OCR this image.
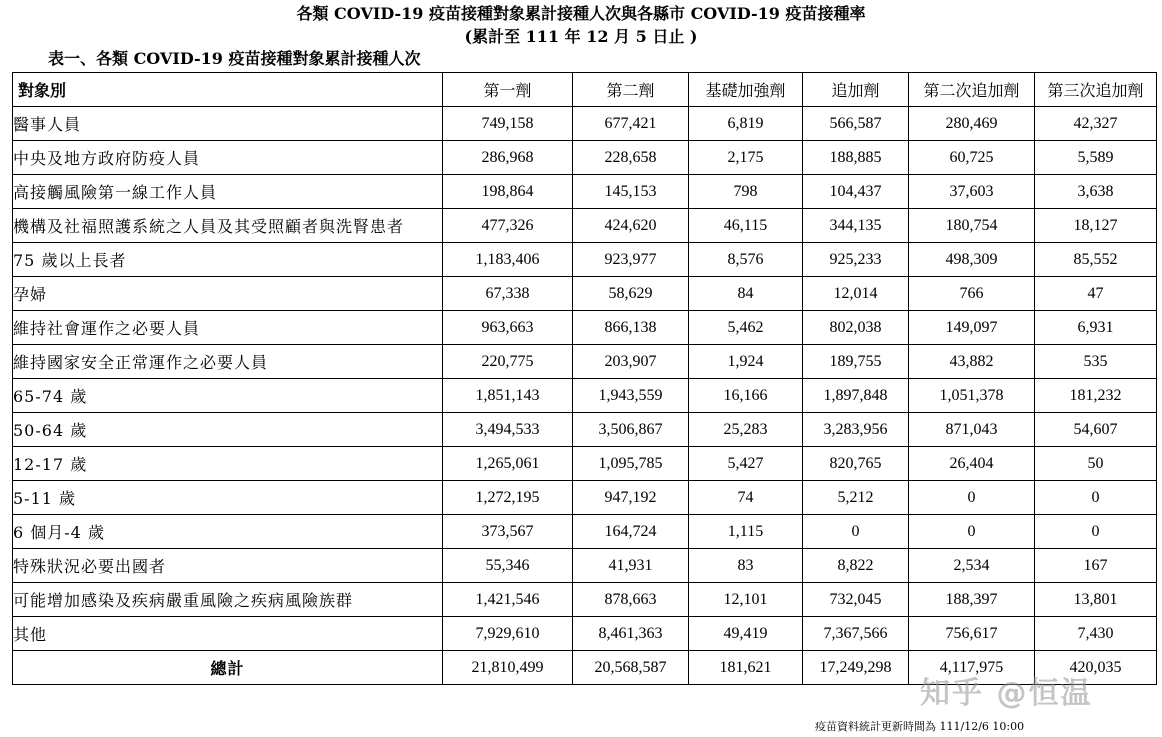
各類 COVID-19 疫苗接種對象累計接種人次與各縣市 COVID-19 疫苗接種率
(累計至 111 年 12 月 5 日止 )
表一、各類 COVID-19 疫苗接種對象累計接種人次
對象別	第一劑	第二劑	基礎加強劑	追加劑	第二次追加劑	第三次追加劑
醫事人員	749,158	677,421	6,819	566,587	280,469	42,327
中央及地方政府防疫人員	286,968	228,658	2,175	188,885	60,725	5,589
高接觸風險第一線工作人員	198,864	145,153	798	104,437	37,603	3,638
機構及社福照護系統之人員及其受照顧者與洗腎患者	477,326	424,620	46,115	344,135	180,754	18,127
75 歲以上長者	1,183,406	923,977	8,576	925,233	498,309	85,552
孕婦	67,338	58,629	84	12,014	766	47
維持社會運作之必要人員	963,663	866,138	5,462	802,038	149,097	6,931
維持國家安全正常運作之必要人員	220,775	203,907	1,924	189,755	43,882	535
65-74 歲	1,851,143	1,943,559	16,166	1,897,848	1,051,378	181,232
50-64 歲	3,494,533	3,506,867	25,283	3,283,956	871,043	54,607
12-17 歲	1,265,061	1,095,785	5,427	820,765	26,404	50
5-11 歲	1,272,195	947,192	74	5,212	0	0
6 個月-4 歲	373,567	164,724	1,115	0	0	0
特殊狀況必要出國者	55,346	41,931	83	8,822	2,534	167
可能增加感染及疾病嚴重風險之疾病風險族群	1,421,546	878,663	12,101	732,045	188,397	13,801
其他	7,929,610	8,461,363	49,419	7,367,566	756,617	7,430
總計	21,810,499	20,568,587	181,621	17,249,298	4,117,975	420,035
疫苗資料統計更新時間為 111/12/6 10:00
知乎 @恒温
